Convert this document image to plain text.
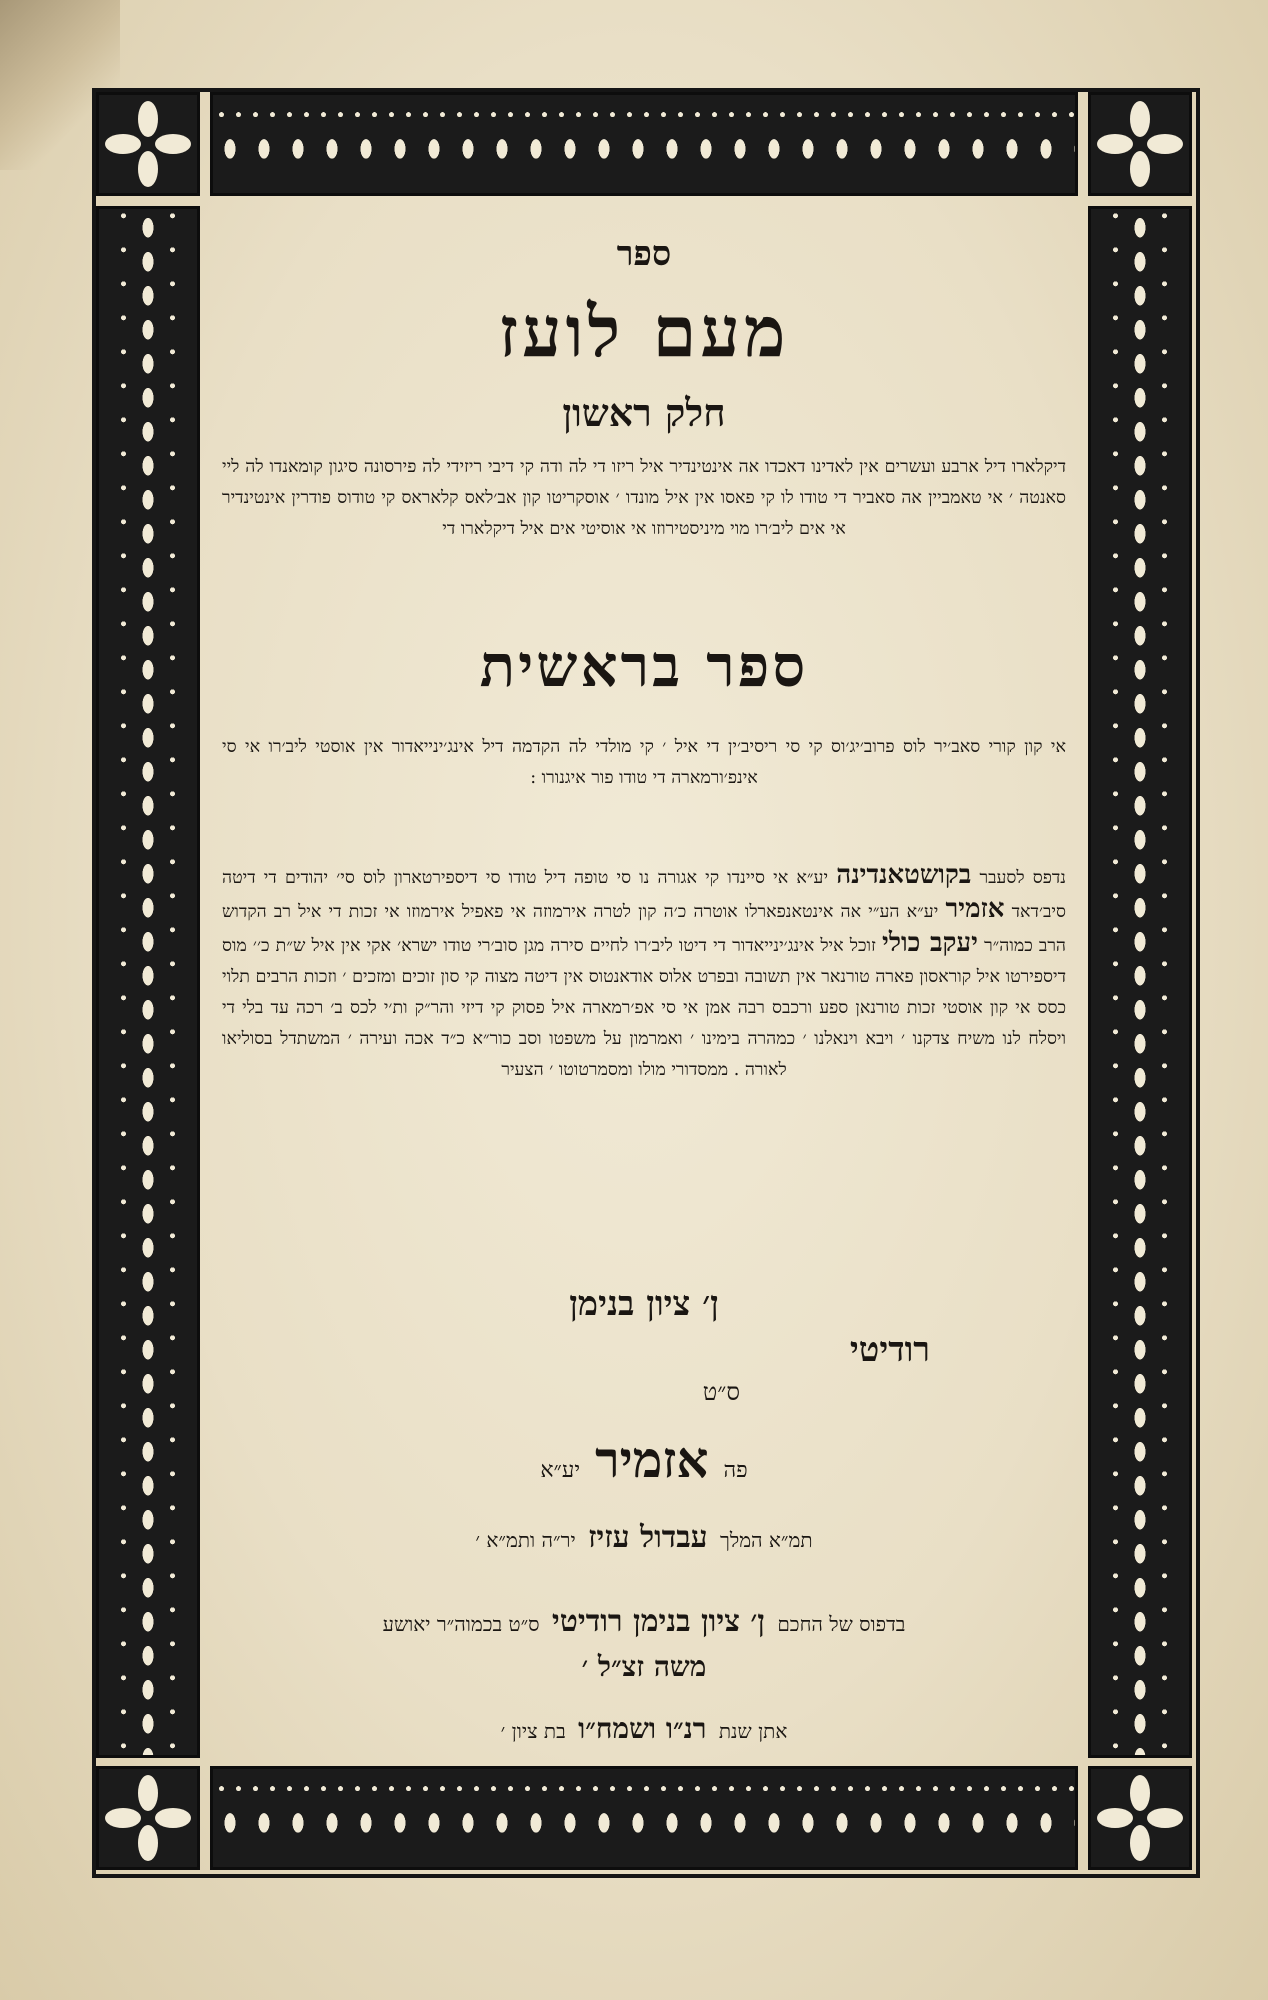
ספר
מעם לועז
חלק ראשון
דיקלארו דיל ארבע ועשרים אין לאדינו דאכדו אה אינטינדיר איל ריזו די לה ודה קי דיבי ריזידי לה פירסונה סיגון קומאנדו לה ליי סאנטה ׳ אי טאמביין אה סאביר די טודו לו קי פאסו אין איל מונדו ׳ אוסקריטו קון אב׳לאס קלאראס קי טודוס פודרין אינטינדיר אי אים ליב׳רו מוי מיניסטירוזו אי אוסיטי אים איל דיקלארו די
ספר בראשית
אי קון קורי סאב׳יר לוס פרוב׳יג׳וס קי סי ריסיב׳ין די איל ׳ קי מולדי לה הקדמה דיל אינג׳ינייאדור אין אוסטי ליב׳רו אי סי אינפ׳ורמארה די טודו פור איגנורו :
נדפס לסעבר בקושטאנדינה יע״א אי סיינדו קי אגורה נו סי טופה דיל טודו סי דיספירטארון לוס סי׳ יהודים די דיטה סיב׳דאד אזמיר יע״א הע״י אה אינטאנפארלו אוטרה כ׳ה קון לטרה אירמוזה אי פאפיל אירמוזו אי זכות די איל רב הקדוש הרב כמוה״ר יעקב כולי זוכל איל אינג׳ינייאדור די דיטו ליב׳רו לחיים סירה מגן סוב׳רי טודו ישרא׳ אקי אין איל ש״ת כ׳׳ מוס דיספירטו איל קוראסון פארה טורנאר אין תשובה ובפרט אלוס אודאנטוס אין דיטה מצוה קי סון זוכים ומזכים ׳ וזכות הרבים תלוי כסס אי קון אוסטי זכות טורנאן ספע ורכבס רבה אמן אי סי אפ׳רמארה איל פסוק קי דיזי והר״ק ות׳י לכס ב׳ רכה עד בלי די ויסלח לנו משיח צדקנו ׳ ויבא וינאלנו ׳ כמהרה בימינו ׳ ואמרמון על משפטו וסב כור״א כ״ד אכה ועירה ׳ המשתדל בסוליאו לאורה . ממסדורי מולו ומסמרטוטו ׳ הצעיר
ן׳ ציון בנימן
רודיטי
ס״ט
פה אזמיר יע״א
תמ״א המלך עבדול עזיז יר״ה ותמ״א ׳
בדפוס של החכם ן׳ ציון בנימן רודיטי ס״ט בכמוה״ר יאושע
משה זצ״ל ׳
אתן שנת רנ״ו ושמח״ו בת ציון ׳
